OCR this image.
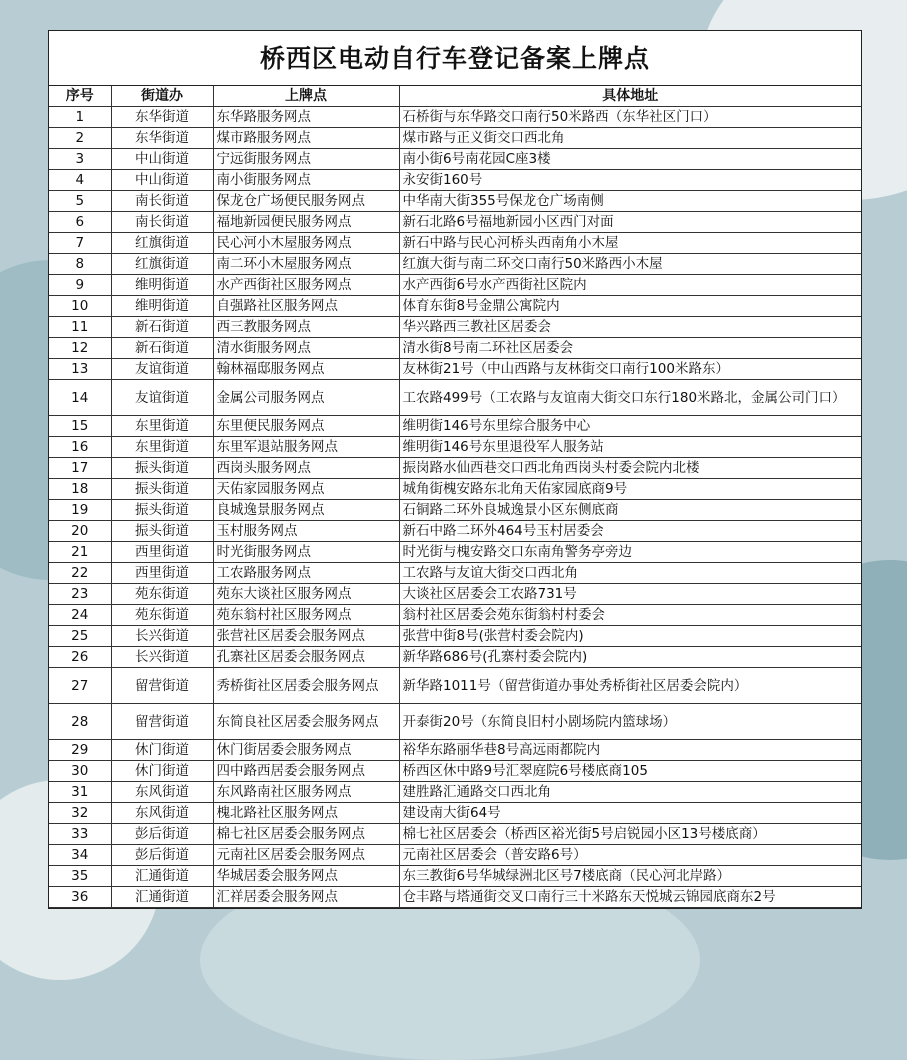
桥西区电动自行车登记备案上牌点
序号	街道办	上牌点	具体地址
1	东华街道	东华路服务网点	石桥街与东华路交口南行50米路西（东华社区门口）
2	东华街道	煤市路服务网点	煤市路与正义街交口西北角
3	中山街道	宁远街服务网点	南小街6号南花园C座3楼
4	中山街道	南小街服务网点	永安街160号
5	南长街道	保龙仓广场便民服务网点	中华南大街355号保龙仓广场南侧
6	南长街道	福地新园便民服务网点	新石北路6号福地新园小区西门对面
7	红旗街道	民心河小木屋服务网点	新石中路与民心河桥头西南角小木屋
8	红旗街道	南二环小木屋服务网点	红旗大街与南二环交口南行50米路西小木屋
9	维明街道	水产西街社区服务网点	水产西街6号水产西街社区院内
10	维明街道	自强路社区服务网点	体育东街8号金鼎公寓院内
11	新石街道	西三教服务网点	华兴路西三教社区居委会
12	新石街道	清水街服务网点	清水街8号南二环社区居委会
13	友谊街道	翰林福邸服务网点	友林街21号（中山西路与友林街交口南行100米路东）
14	友谊街道	金属公司服务网点	工农路499号（工农路与友谊南大街交口东行180米路北，金属公司门口）
15	东里街道	东里便民服务网点	维明街146号东里综合服务中心
16	东里街道	东里军退站服务网点	维明街146号东里退役军人服务站
17	振头街道	西岗头服务网点	振岗路水仙西巷交口西北角西岗头村委会院内北楼
18	振头街道	天佑家园服务网点	城角街槐安路东北角天佑家园底商9号
19	振头街道	良城逸景服务网点	石铜路二环外良城逸景小区东侧底商
20	振头街道	玉村服务网点	新石中路二环外464号玉村居委会
21	西里街道	时光街服务网点	时光街与槐安路交口东南角警务亭旁边
22	西里街道	工农路服务网点	工农路与友谊大街交口西北角
23	苑东街道	苑东大谈社区服务网点	大谈社区居委会工农路731号
24	苑东街道	苑东翁村社区服务网点	翁村社区居委会苑东街翁村村委会
25	长兴街道	张营社区居委会服务网点	张营中街8号(张营村委会院内)
26	长兴街道	孔寨社区居委会服务网点	新华路686号(孔寨村委会院内)
27	留营街道	秀桥街社区居委会服务网点	新华路1011号（留营街道办事处秀桥街社区居委会院内）
28	留营街道	东简良社区居委会服务网点	开泰街20号（东简良旧村小剧场院内篮球场）
29	休门街道	休门街居委会服务网点	裕华东路丽华巷8号高远雨都院内
30	休门街道	四中路西居委会服务网点	桥西区休中路9号汇翠庭院6号楼底商105
31	东风街道	东风路南社区服务网点	建胜路汇通路交口西北角
32	东风街道	槐北路社区服务网点	建设南大街64号
33	彭后街道	棉七社区居委会服务网点	棉七社区居委会（桥西区裕光街5号启锐园小区13号楼底商）
34	彭后街道	元南社区居委会服务网点	元南社区居委会（普安路6号）
35	汇通街道	华城居委会服务网点	东三教街6号华城绿洲北区号7楼底商（民心河北岸路）
36	汇通街道	汇祥居委会服务网点	仓丰路与塔通街交叉口南行三十米路东天悦城云锦园底商东2号
